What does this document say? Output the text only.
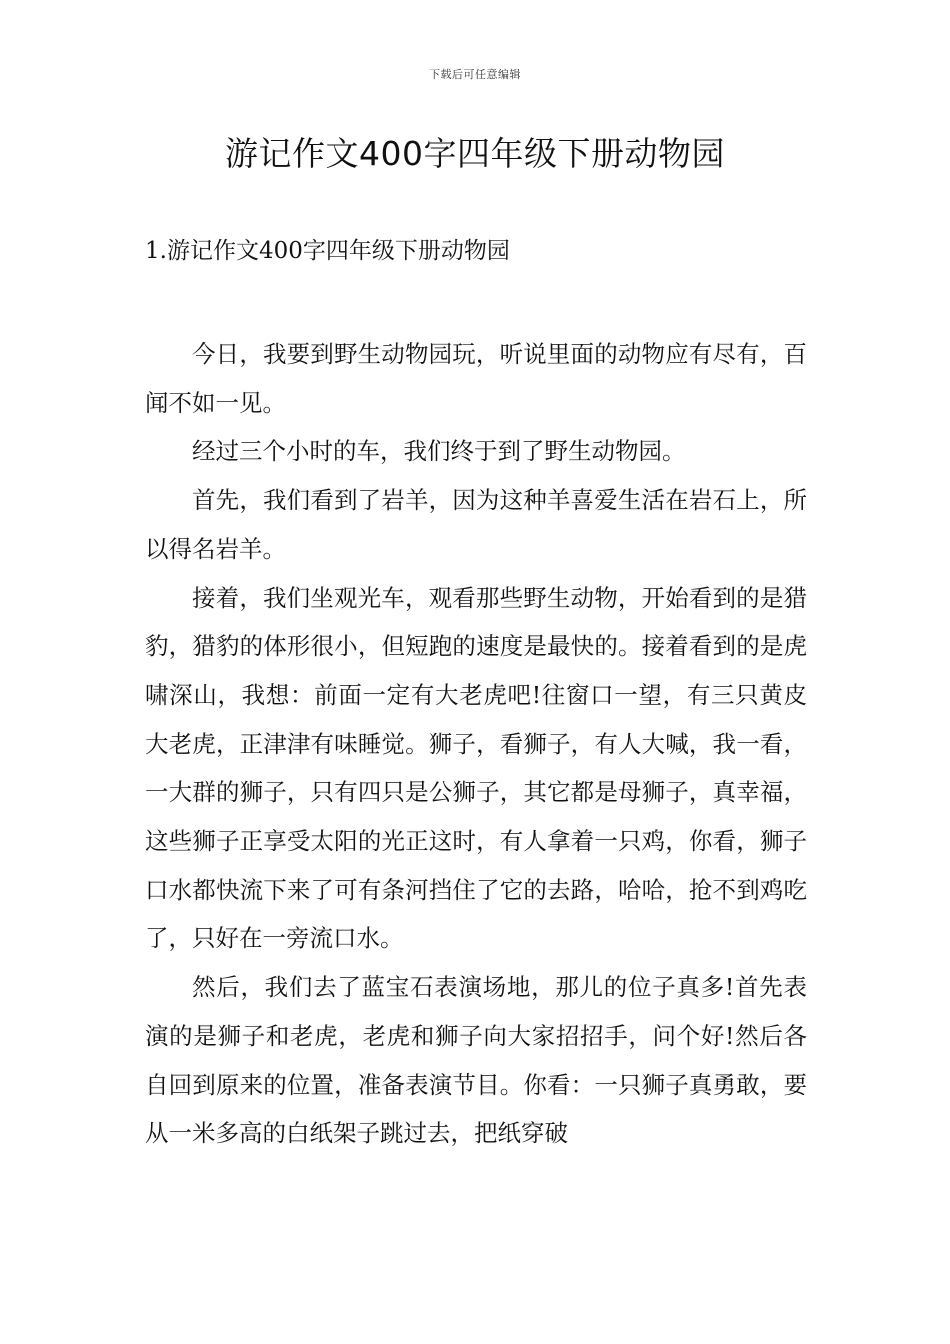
下载后可任意编辑
游记作文400字四年级下册动物园
1.游记作文400字四年级下册动物园

今日，我要到野生动物园玩，听说里面的动物应有尽有，百闻不如一见。

经过三个小时的车，我们终于到了野生动物园。

首先，我们看到了岩羊，因为这种羊喜爱生活在岩石上，所以得名岩羊。

接着，我们坐观光车，观看那些野生动物，开始看到的是猎豹，猎豹的体形很小，但短跑的速度是最快的。接着看到的是虎啸深山，我想：前面一定有大老虎吧!往窗口一望，有三只黄皮大老虎，正津津有味睡觉。狮子，看狮子，有人大喊，我一看，一大群的狮子，只有四只是公狮子，其它都是母狮子，真幸福，这些狮子正享受太阳的光正这时，有人拿着一只鸡，你看，狮子口水都快流下来了可有条河挡住了它的去路，哈哈，抢不到鸡吃了，只好在一旁流口水。

然后，我们去了蓝宝石表演场地，那儿的位子真多!首先表演的是狮子和老虎，老虎和狮子向大家招招手，问个好!然后各自回到原来的位置，准备表演节目。你看：一只狮子真勇敢，要从一米多高的白纸架子跳过去，把纸穿破
